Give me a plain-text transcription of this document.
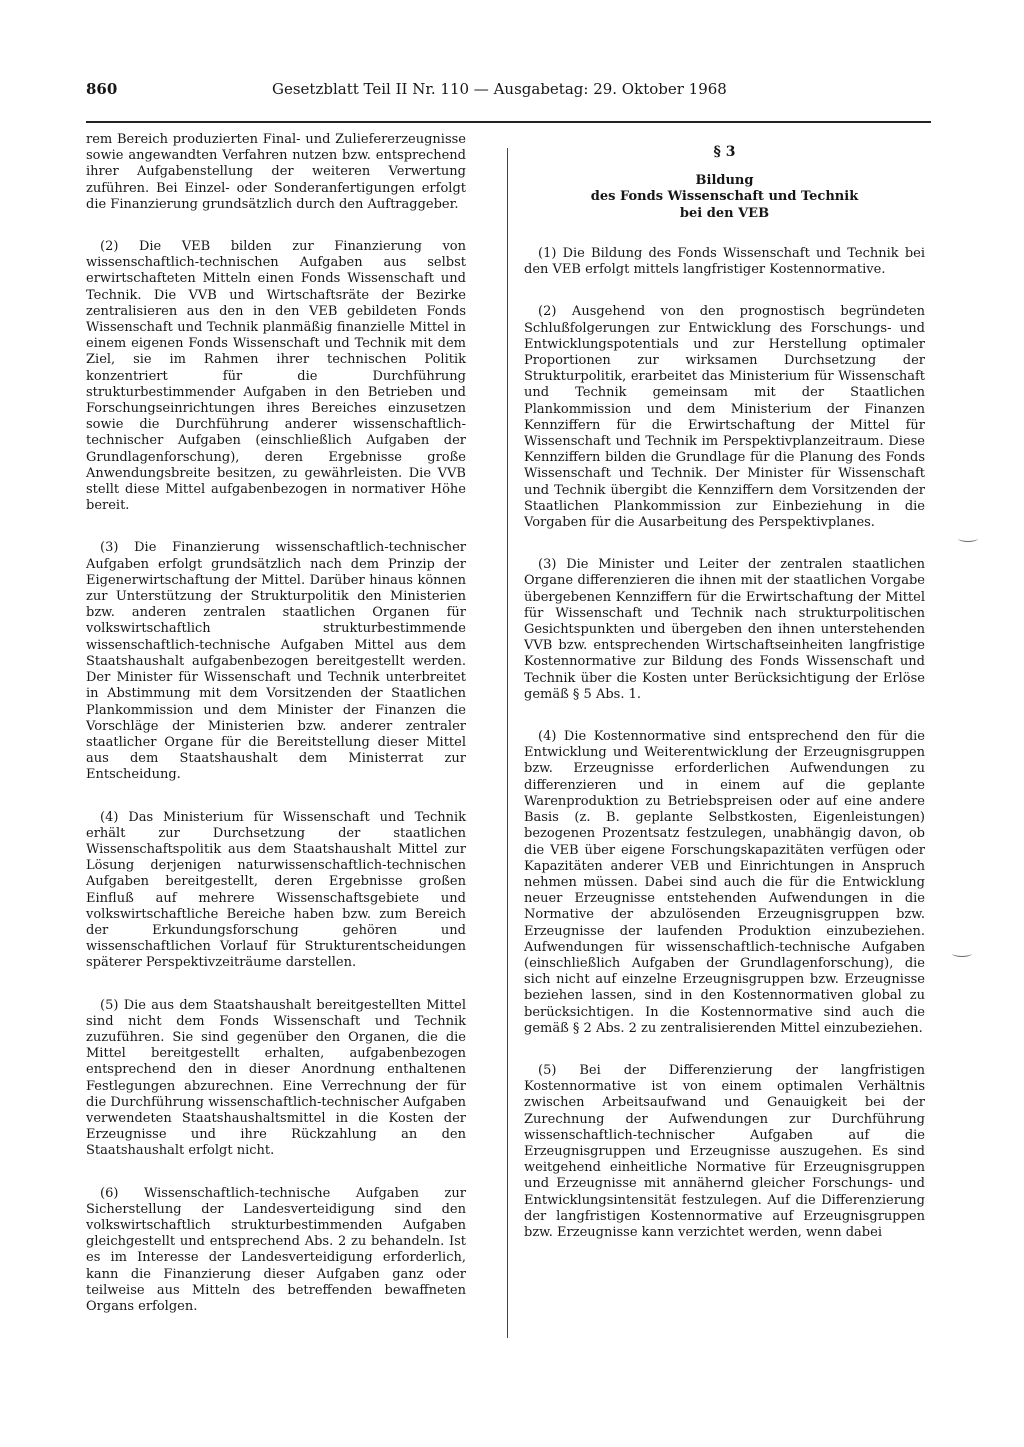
860	Gesetzblatt Teil II Nr. 110 — Ausgabetag: 29. Oktober 1968

rem Bereich produzierten Final- und Zuliefererzeugnisse sowie angewandten Verfahren nutzen bzw. entsprechend ihrer Aufgabenstellung der weiteren Verwertung zuführen. Bei Einzel- oder Sonderanfertigungen erfolgt die Finanzierung grundsätzlich durch den Auftraggeber.

(2) Die VEB bilden zur Finanzierung von wissenschaftlich-technischen Aufgaben aus selbst erwirtschafteten Mitteln einen Fonds Wissenschaft und Technik. Die VVB und Wirtschaftsräte der Bezirke zentralisieren aus den in den VEB gebildeten Fonds Wissenschaft und Technik planmäßig finanzielle Mittel in einem eigenen Fonds Wissenschaft und Technik mit dem Ziel, sie im Rahmen ihrer technischen Politik konzentriert für die Durchführung strukturbestimmender Aufgaben in den Betrieben und Forschungseinrichtungen ihres Bereiches einzusetzen sowie die Durchführung anderer wissenschaftlich-technischer Aufgaben (einschließlich Aufgaben der Grundlagenforschung), deren Ergebnisse große Anwendungsbreite besitzen, zu gewährleisten. Die VVB stellt diese Mittel aufgabenbezogen in normativer Höhe bereit.

(3) Die Finanzierung wissenschaftlich-technischer Aufgaben erfolgt grundsätzlich nach dem Prinzip der Eigenerwirtschaftung der Mittel. Darüber hinaus können zur Unterstützung der Strukturpolitik den Ministerien bzw. anderen zentralen staatlichen Organen für volkswirtschaftlich strukturbestimmende wissenschaftlich-technische Aufgaben Mittel aus dem Staatshaushalt aufgabenbezogen bereitgestellt werden. Der Minister für Wissenschaft und Technik unterbreitet in Abstimmung mit dem Vorsitzenden der Staatlichen Plankommission und dem Minister der Finanzen die Vorschläge der Ministerien bzw. anderer zentraler staatlicher Organe für die Bereitstellung dieser Mittel aus dem Staatshaushalt dem Ministerrat zur Entscheidung.

(4) Das Ministerium für Wissenschaft und Technik erhält zur Durchsetzung der staatlichen Wissenschaftspolitik aus dem Staatshaushalt Mittel zur Lösung derjenigen naturwissenschaftlich-technischen Aufgaben bereitgestellt, deren Ergebnisse großen Einfluß auf mehrere Wissenschaftsgebiete und volkswirtschaftliche Bereiche haben bzw. zum Bereich der Erkundungsforschung gehören und wissenschaftlichen Vorlauf für Strukturentscheidungen späterer Perspektivzeiträume darstellen.

(5) Die aus dem Staatshaushalt bereitgestellten Mittel sind nicht dem Fonds Wissenschaft und Technik zuzuführen. Sie sind gegenüber den Organen, die die Mittel bereitgestellt erhalten, aufgabenbezogen entsprechend den in dieser Anordnung enthaltenen Festlegungen abzurechnen. Eine Verrechnung der für die Durchführung wissenschaftlich-technischer Aufgaben verwendeten Staatshaushaltsmittel in die Kosten der Erzeugnisse und ihre Rückzahlung an den Staatshaushalt erfolgt nicht.

(6) Wissenschaftlich-technische Aufgaben zur Sicherstellung der Landesverteidigung sind den volkswirtschaftlich strukturbestimmenden Aufgaben gleichgestellt und entsprechend Abs. 2 zu behandeln. Ist es im Interesse der Landesverteidigung erforderlich, kann die Finanzierung dieser Aufgaben ganz oder teilweise aus Mitteln des betreffenden bewaffneten Organs erfolgen.

§ 3
Bildung
des Fonds Wissenschaft und Technik
bei den VEB

(1) Die Bildung des Fonds Wissenschaft und Technik bei den VEB erfolgt mittels langfristiger Kostennormative.

(2) Ausgehend von den prognostisch begründeten Schlußfolgerungen zur Entwicklung des Forschungs- und Entwicklungspotentials und zur Herstellung optimaler Proportionen zur wirksamen Durchsetzung der Strukturpolitik, erarbeitet das Ministerium für Wissenschaft und Technik gemeinsam mit der Staatlichen Plankommission und dem Ministerium der Finanzen Kennziffern für die Erwirtschaftung der Mittel für Wissenschaft und Technik im Perspektivplanzeitraum. Diese Kennziffern bilden die Grundlage für die Planung des Fonds Wissenschaft und Technik. Der Minister für Wissenschaft und Technik übergibt die Kennziffern dem Vorsitzenden der Staatlichen Plankommission zur Einbeziehung in die Vorgaben für die Ausarbeitung des Perspektivplanes.

(3) Die Minister und Leiter der zentralen staatlichen Organe differenzieren die ihnen mit der staatlichen Vorgabe übergebenen Kennziffern für die Erwirtschaftung der Mittel für Wissenschaft und Technik nach strukturpolitischen Gesichtspunkten und übergeben den ihnen unterstehenden VVB bzw. entsprechenden Wirtschaftseinheiten langfristige Kostennormative zur Bildung des Fonds Wissenschaft und Technik über die Kosten unter Berücksichtigung der Erlöse gemäß § 5 Abs. 1.

(4) Die Kostennormative sind entsprechend den für die Entwicklung und Weiterentwicklung der Erzeugnisgruppen bzw. Erzeugnisse erforderlichen Aufwendungen zu differenzieren und in einem auf die geplante Warenproduktion zu Betriebspreisen oder auf eine andere Basis (z. B. geplante Selbstkosten, Eigenleistungen) bezogenen Prozentsatz festzulegen, unabhängig davon, ob die VEB über eigene Forschungskapazitäten verfügen oder Kapazitäten anderer VEB und Einrichtungen in Anspruch nehmen müssen. Dabei sind auch die für die Entwicklung neuer Erzeugnisse entstehenden Aufwendungen in die Normative der abzulösenden Erzeugnisgruppen bzw. Erzeugnisse der laufenden Produktion einzubeziehen. Aufwendungen für wissenschaftlich-technische Aufgaben (einschließlich Aufgaben der Grundlagenforschung), die sich nicht auf einzelne Erzeugnisgruppen bzw. Erzeugnisse beziehen lassen, sind in den Kostennormativen global zu berücksichtigen. In die Kostennormative sind auch die gemäß § 2 Abs. 2 zu zentralisierenden Mittel einzubeziehen.

(5) Bei der Differenzierung der langfristigen Kostennormative ist von einem optimalen Verhältnis zwischen Arbeitsaufwand und Genauigkeit bei der Zurechnung der Aufwendungen zur Durchführung wissenschaftlich-technischer Aufgaben auf die Erzeugnisgruppen und Erzeugnisse auszugehen. Es sind weitgehend einheitliche Normative für Erzeugnisgruppen und Erzeugnisse mit annähernd gleicher Forschungs- und Entwicklungsintensität festzulegen. Auf die Differenzierung der langfristigen Kostennormative auf Erzeugnisgruppen bzw. Erzeugnisse kann verzichtet werden, wenn dabei
